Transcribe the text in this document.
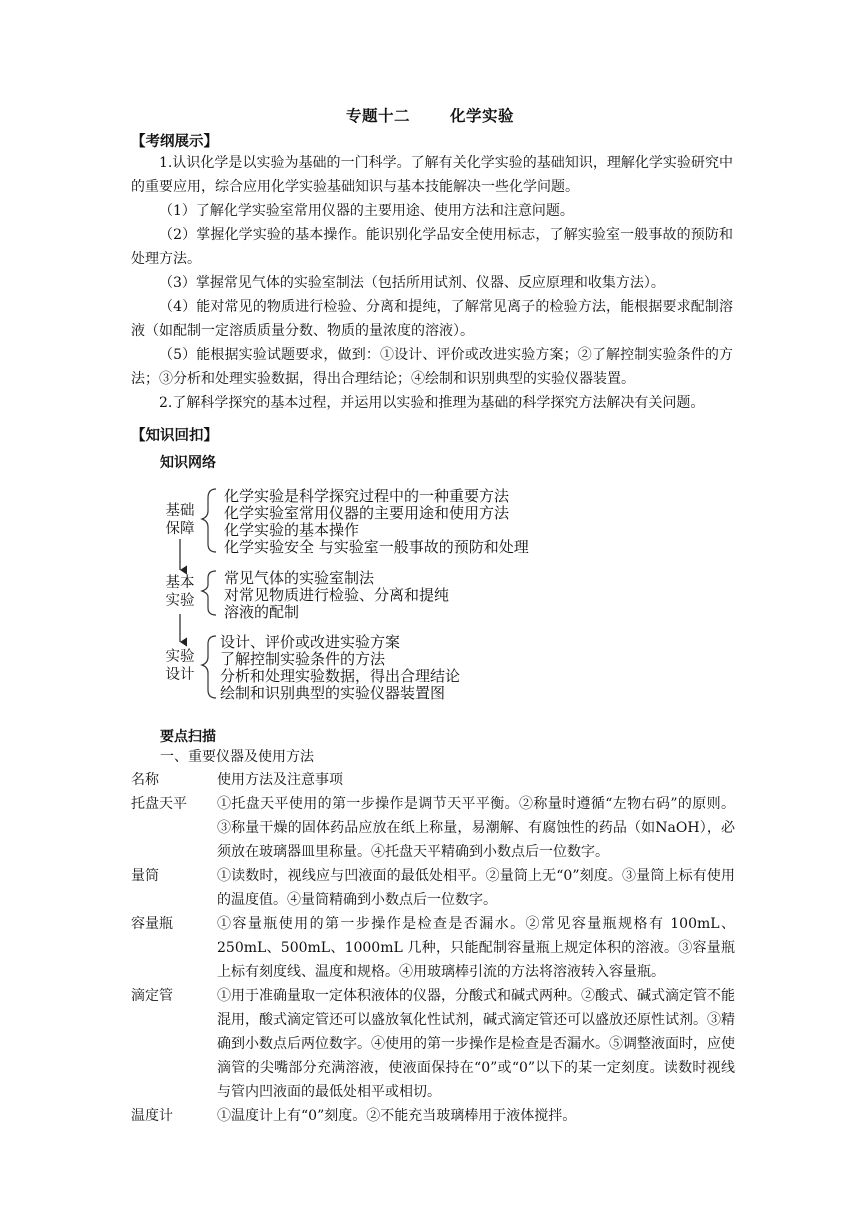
专题十二	化学实验
【考纲展示】
1.认识化学是以实验为基础的一门科学。了解有关化学实验的基础知识，理解化学实验研究中的重要应用，综合应用化学实验基础知识与基本技能解决一些化学问题。
（1）了解化学实验室常用仪器的主要用途、使用方法和注意问题。
（2）掌握化学实验的基本操作。能识别化学品安全使用标志，了解实验室一般事故的预防和处理方法。
（3）掌握常见气体的实验室制法（包括所用试剂、仪器、反应原理和收集方法）。
（4）能对常见的物质进行检验、分离和提纯，了解常见离子的检验方法，能根据要求配制溶液（如配制一定溶质质量分数、物质的量浓度的溶液）。
（5）能根据实验试题要求，做到：①设计、评价或改进实验方案；②了解控制实验条件的方法；③分析和处理实验数据，得出合理结论；④绘制和识别典型的实验仪器装置。
2.了解科学探究的基本过程，并运用以实验和推理为基础的科学探究方法解决有关问题。
【知识回扣】
知识网络
基础
保障
化学实验是科学探究过程中的一种重要方法
化学实验室常用仪器的主要用途和使用方法
化学实验的基本操作
化学实验安全 与实验室一般事故的预防和处理
基本
实验
常见气体的实验室制法
对常见物质进行检验、分离和提纯
溶液的配制
实验
设计
设计、评价或改进实验方案
了解控制实验条件的方法
分析和处理实验数据，得出合理结论
绘制和识别典型的实验仪器装置图
要点扫描
一、重要仪器及使用方法
名称	使用方法及注意事项
托盘天平	①托盘天平使用的第一步操作是调节天平平衡。②称量时遵循“左物右码”的原则。③称量干燥的固体药品应放在纸上称量，易潮解、有腐蚀性的药品（如NaOH），必须放在玻璃器皿里称量。④托盘天平精确到小数点后一位数字。
量筒	①读数时，视线应与凹液面的最低处相平。②量筒上无“0”刻度。③量筒上标有使用的温度值。④量筒精确到小数点后一位数字。
容量瓶	①容量瓶使用的第一步操作是检查是否漏水。②常见容量瓶规格有 100mL、250mL、500mL、1000mL 几种，只能配制容量瓶上规定体积的溶液。③容量瓶上标有刻度线、温度和规格。④用玻璃棒引流的方法将溶液转入容量瓶。
滴定管	①用于准确量取一定体积液体的仪器，分酸式和碱式两种。②酸式、碱式滴定管不能混用，酸式滴定管还可以盛放氧化性试剂，碱式滴定管还可以盛放还原性试剂。③精确到小数点后两位数字。④使用的第一步操作是检查是否漏水。⑤调整液面时，应使滴管的尖嘴部分充满溶液，使液面保持在“0”或“0”以下的某一定刻度。读数时视线与管内凹液面的最低处相平或相切。
温度计	①温度计上有“0”刻度。②不能充当玻璃棒用于液体搅拌。
